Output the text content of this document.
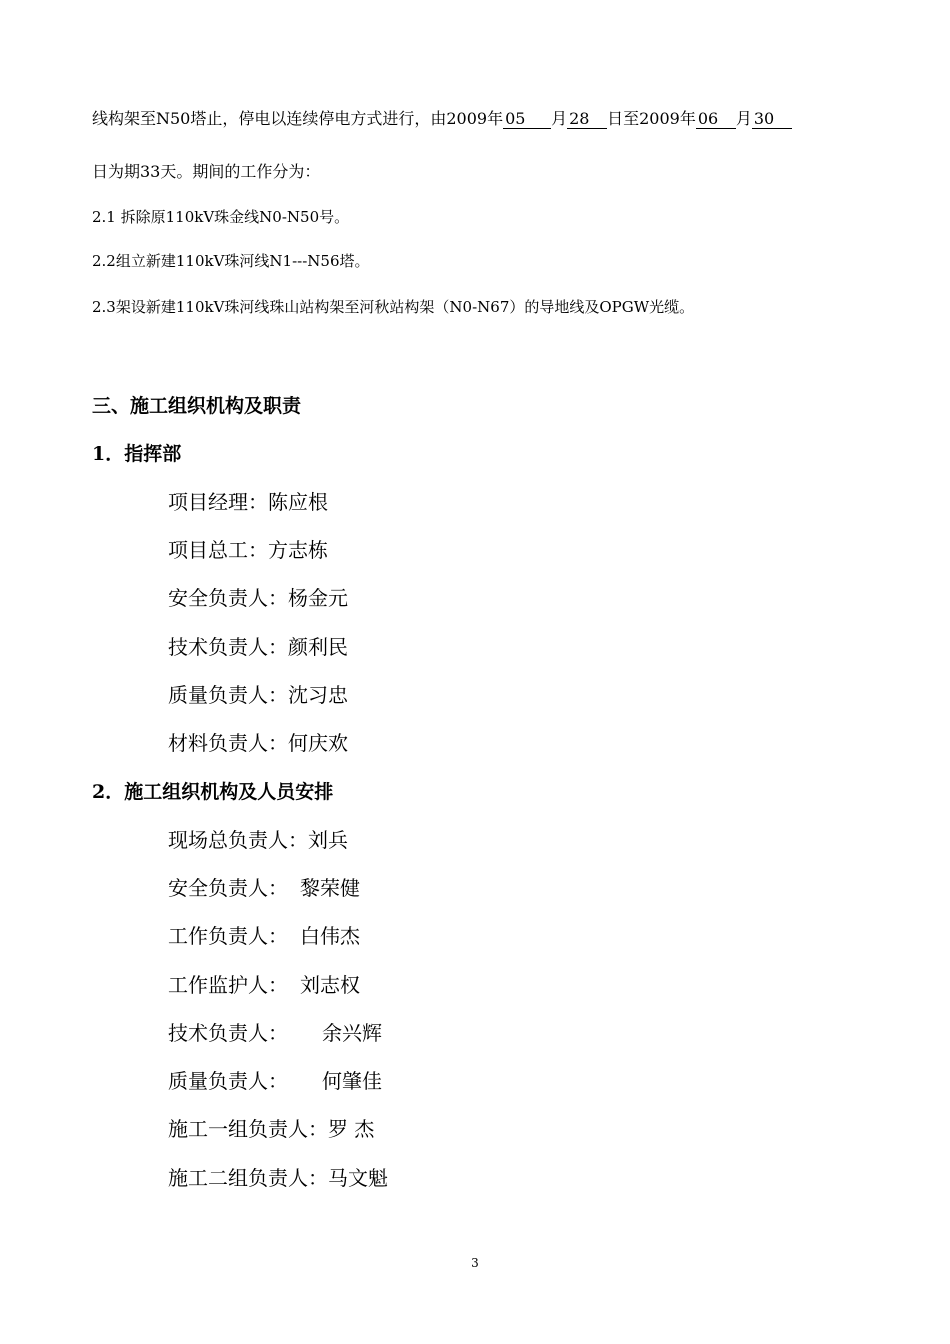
线构架至N50塔止，停电以连续停电方式进行，由2009年 05 月 28 日至2009年 06 月 30
日为期33天。期间的工作分为：
2.1 拆除原110kV珠金线N0-N50号。
2.2组立新建110kV珠河线N1---N56塔。
2.3架设新建110kV珠河线珠山站构架至河秋站构架（N0-N67）的导地线及OPGW光缆。
三、施工组织机构及职责
1．指挥部
项目经理：陈应根
项目总工：方志栋
安全负责人：杨金元
技术负责人：颜利民
质量负责人：沈习忠
材料负责人：何庆欢
2．施工组织机构及人员安排
现场总负责人：刘兵
安全负责人： 黎荣健
工作负责人： 白伟杰
工作监护人： 刘志权
技术负责人： 余兴辉
质量负责人： 何肇佳
施工一组负责人：罗 杰
施工二组负责人：马文魁
3
